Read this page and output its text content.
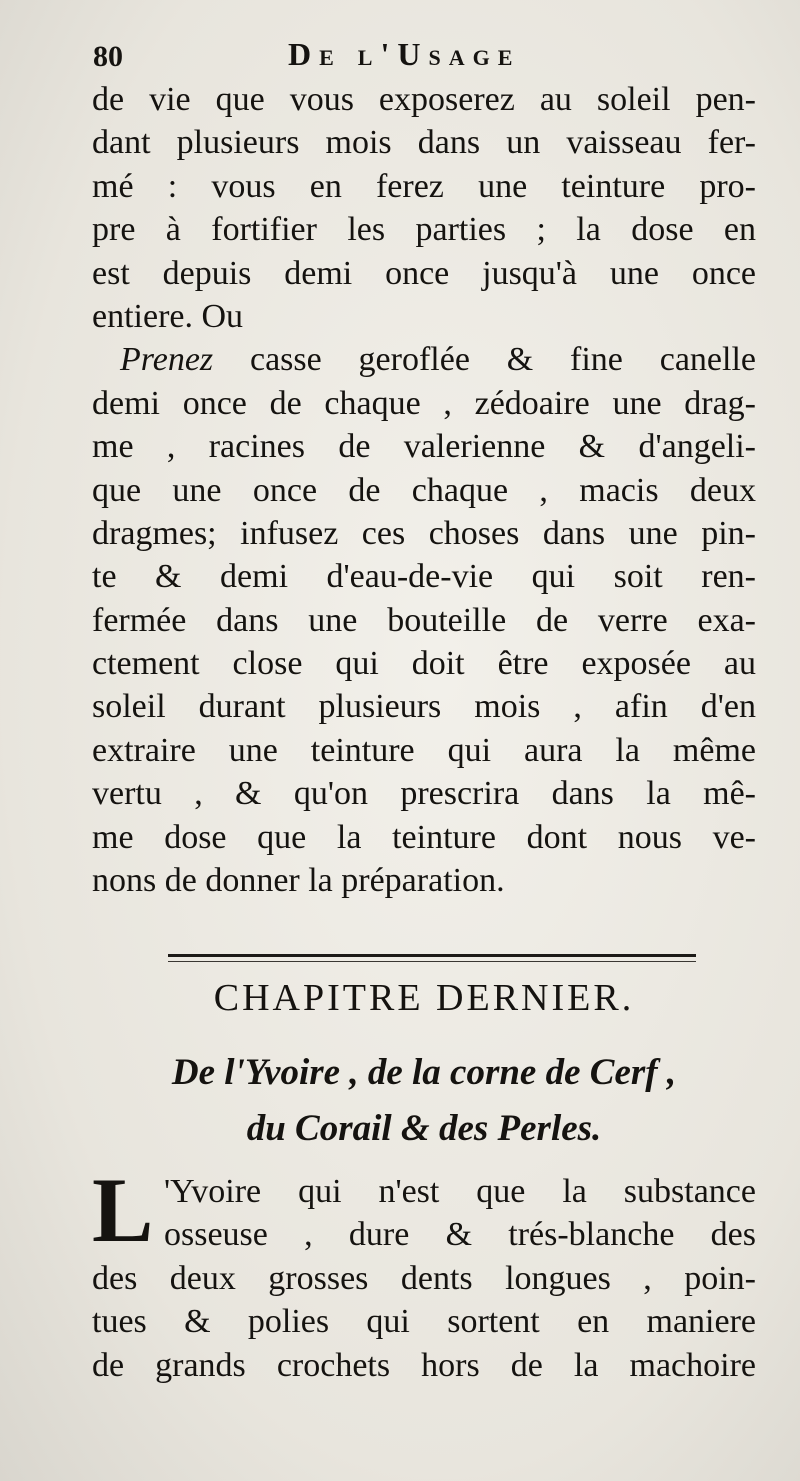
80	De l'Usage
de vie que vous exposerez au soleil pen-
dant plusieurs mois dans un vaisseau fer-
mé : vous en ferez une teinture pro-
pre à fortifier les parties ; la dose en
est depuis demi once jusqu'à une once
entiere. Ou
Prenez casse geroflée & fine canelle
demi once de chaque , zédoaire une drag-
me , racines de valerienne & d'angeli-
que une once de chaque , macis deux
dragmes; infusez ces choses dans une pin-
te & demi d'eau-de-vie qui soit ren-
fermée dans une bouteille de verre exa-
ctement close qui doit être exposée au
soleil durant plusieurs mois , afin d'en
extraire une teinture qui aura la même
vertu , & qu'on prescrira dans la mê-
me dose que la teinture dont nous ve-
nons de donner la préparation.
CHAPITRE DERNIER.
De l'Yvoire , de la corne de Cerf ,
du Corail & des Perles.
L 'Yvoire qui n'est que la substance
osseuse , dure & trés-blanche des
des deux grosses dents longues , poin-
tues & polies qui sortent en maniere
de grands crochets hors de la machoire
